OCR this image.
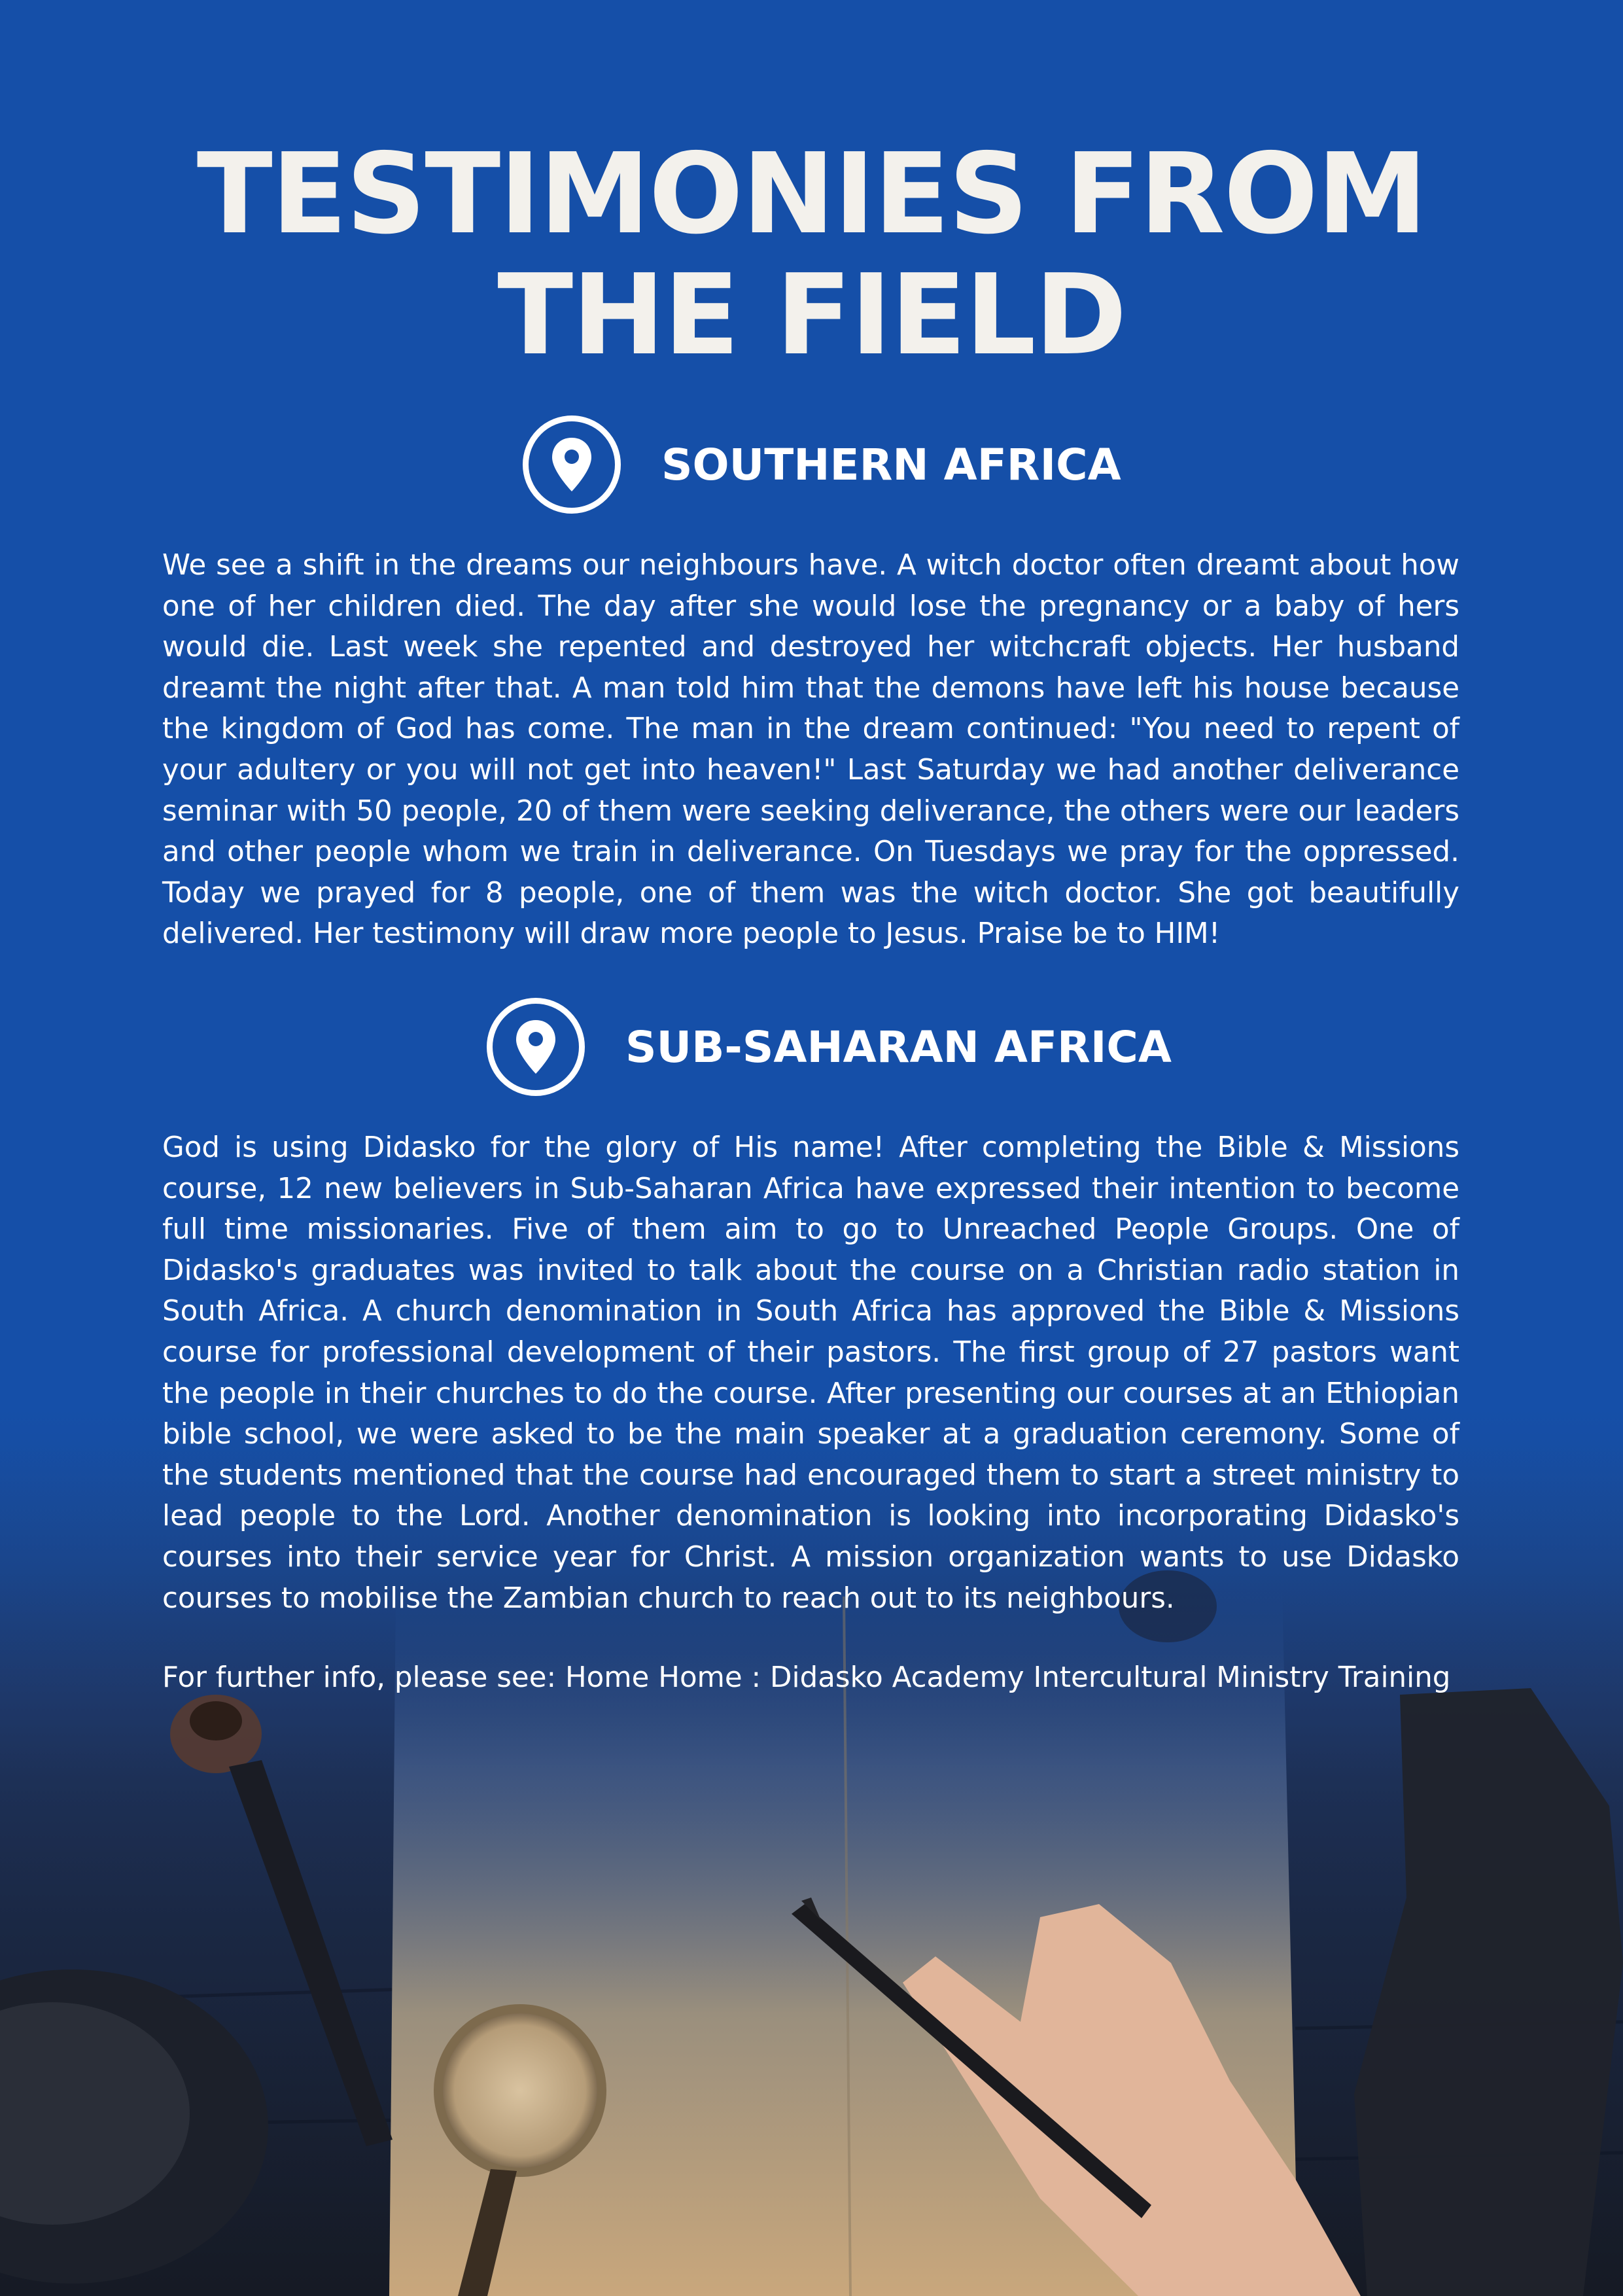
TESTIMONIES FROM
THE FIELD
SOUTHERN AFRICA

We see a shift in the dreams our neighbours have. A witch doctor often dreamt about how one of her children died. The day after she would lose the pregnancy or a baby of hers would die. Last week she repented and destroyed her witchcraft objects. Her husband dreamt the night after that. A man told him that the demons have left his house because the kingdom of God has come. The man in the dream continued: "You need to repent of your adultery or you will not get into heaven!" Last Saturday we had another deliverance seminar with 50 people, 20 of them were seeking deliverance, the others were our leaders and other people whom we train in deliverance. On Tuesdays we pray for the oppressed. Today we prayed for 8 people, one of them was the witch doctor. She got beautifully delivered. Her testimony will draw more people to Jesus. Praise be to HIM!

SUB-SAHARAN AFRICA

God is using Didasko for the glory of His name! After completing the Bible & Missions course, 12 new believers in Sub-Saharan Africa have expressed their intention to become full time missionaries. Five of them aim to go to Unreached People Groups. One of Didasko's graduates was invited to talk about the course on a Christian radio station in South Africa. A church denomination in South Africa has approved the Bible & Missions course for professional development of their pastors. The first group of 27 pastors want the people in their churches to do the course. After presenting our courses at an Ethiopian bible school, we were asked to be the main speaker at a graduation ceremony. Some of the students mentioned that the course had encouraged them to start a street ministry to lead people to the Lord. Another denomination is looking into incorporating Didasko's courses into their service year for Christ. A mission organization wants to use Didasko courses to mobilise the Zambian church to reach out to its neighbours.

For further info, please see: Home Home : Didasko Academy Intercultural Ministry Training
